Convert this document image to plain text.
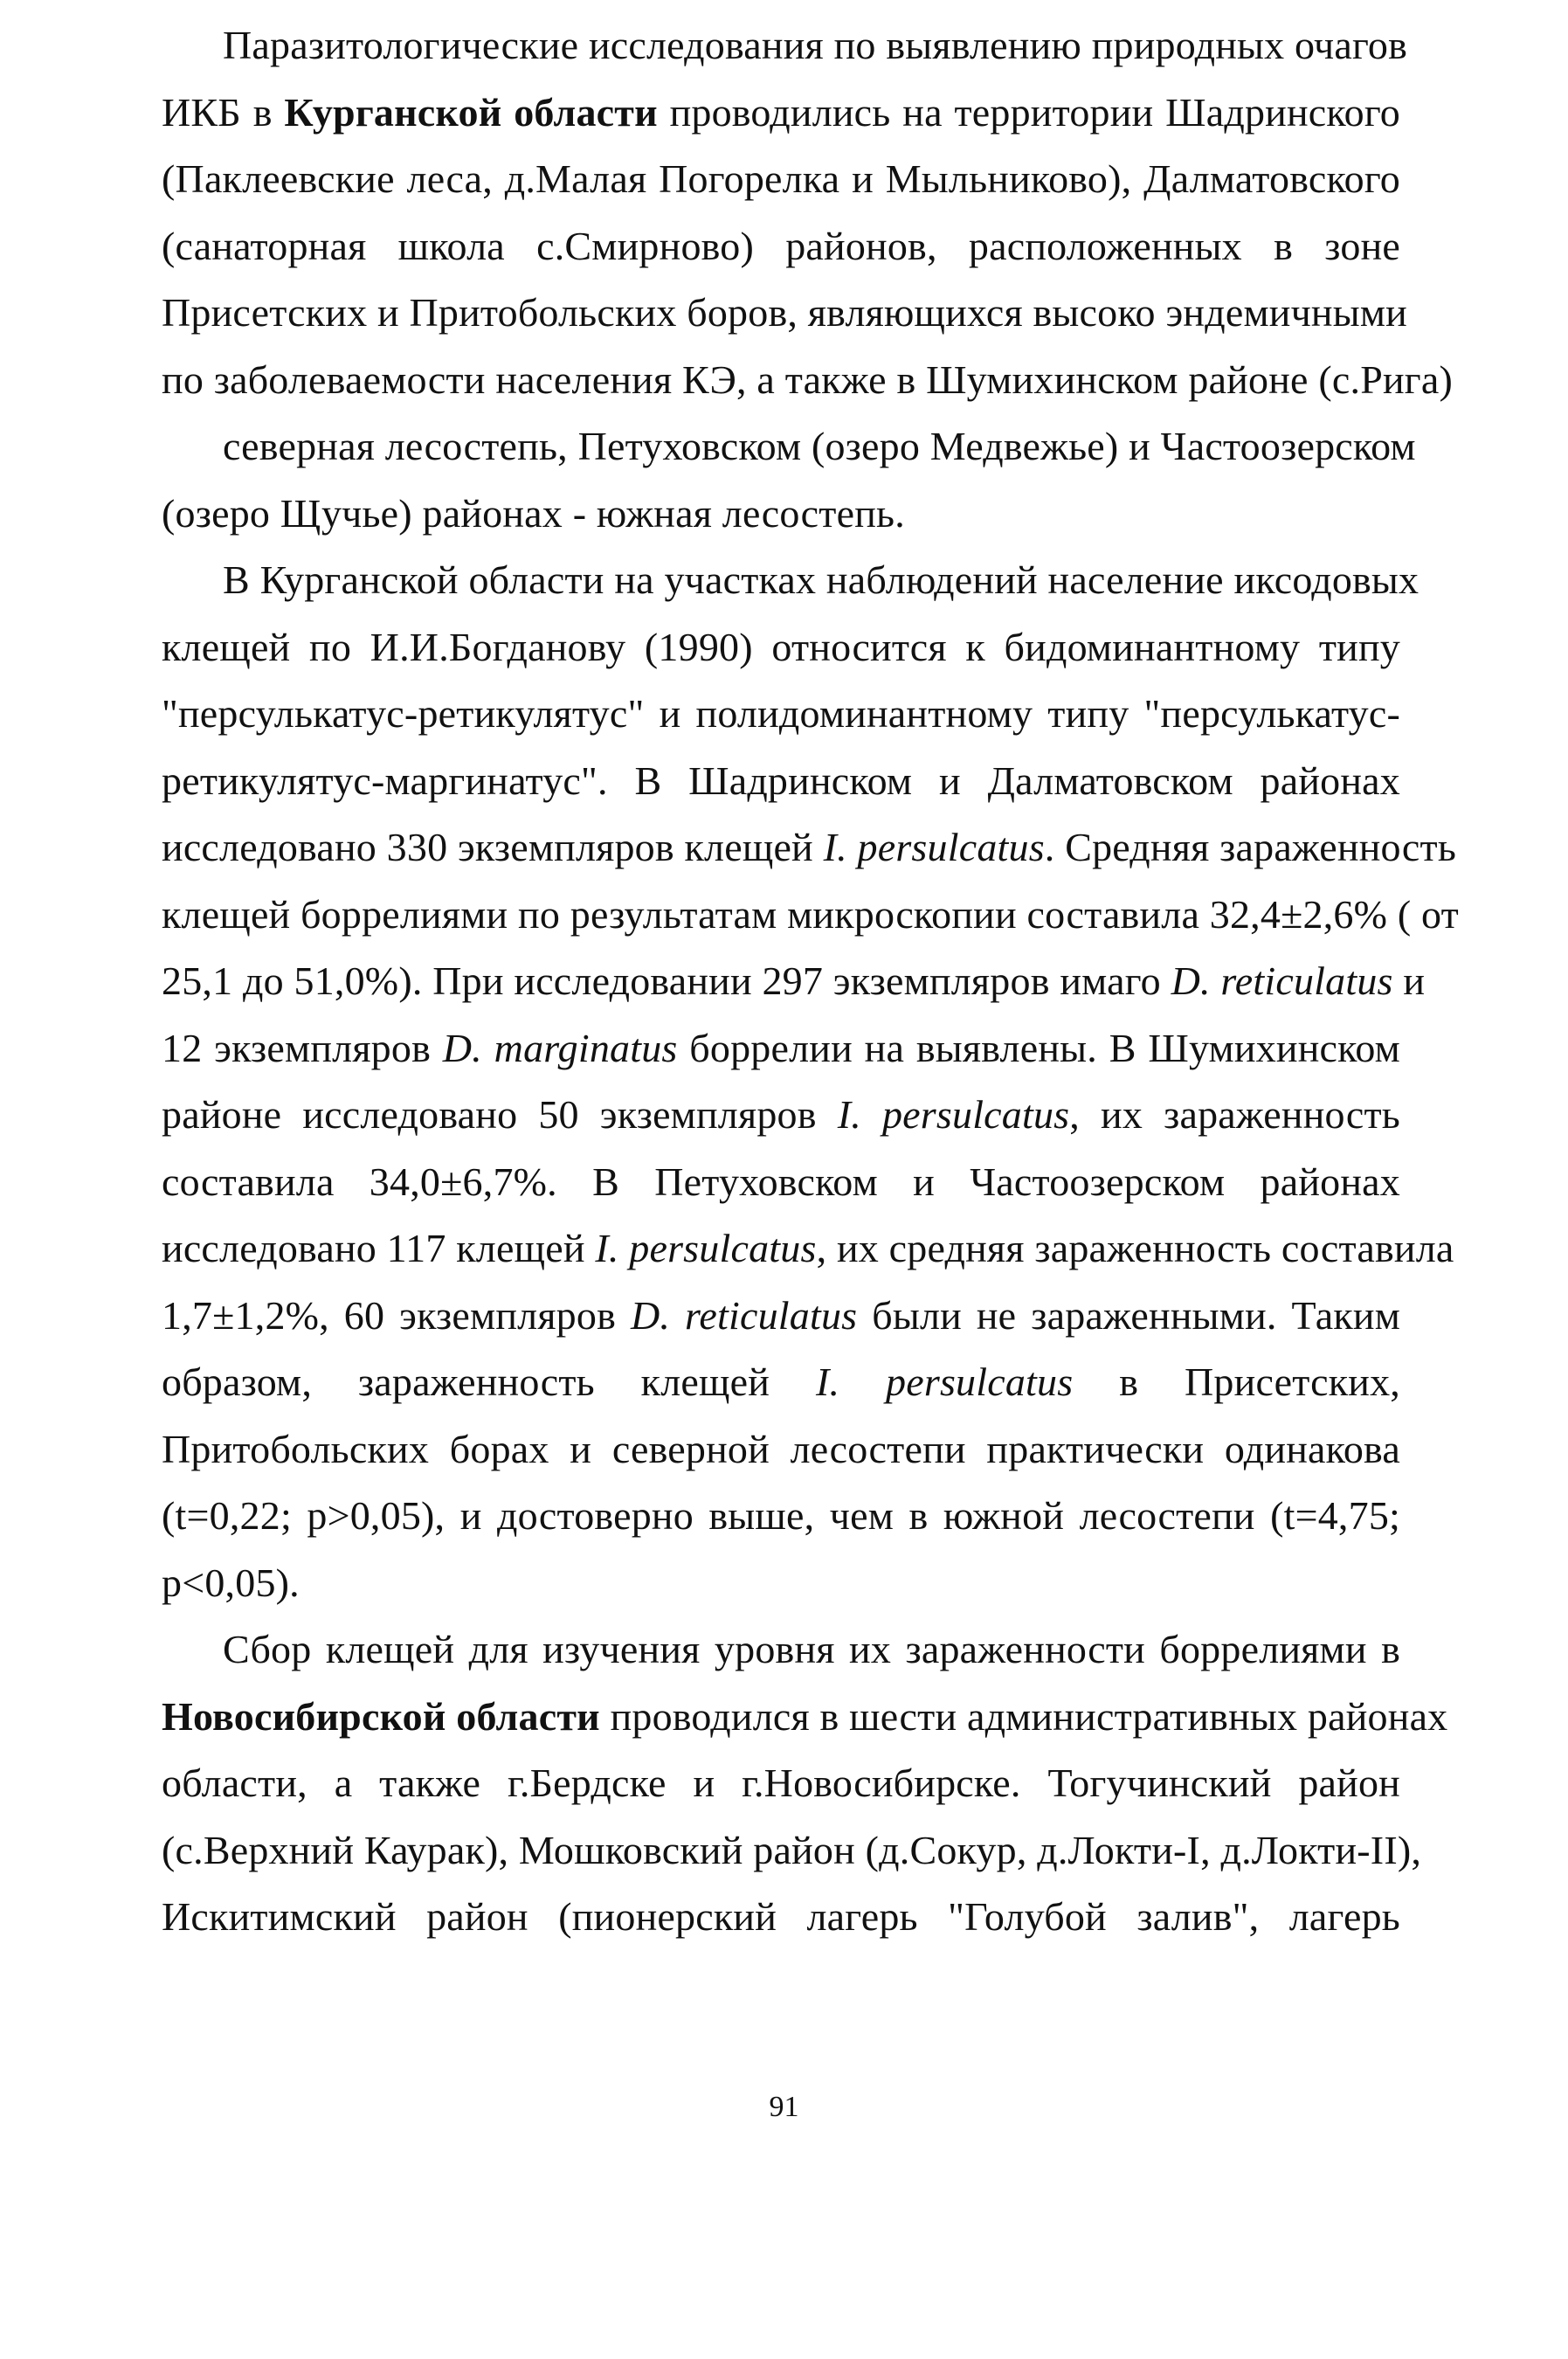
Паразитологические исследования по выявлению природных очагов
ИКБ в Курганской области проводились на территории Шадринского
(Паклеевские леса, д.Малая Погорелка и Мыльниково), Далматовского
(санаторная школа с.Смирново) районов, расположенных в зоне
Присетских и Притобольских боров, являющихся высоко эндемичными
по заболеваемости населения КЭ, а также в Шумихинском районе (с.Рига)
северная лесостепь, Петуховском (озеро Медвежье) и Частоозерском
(озеро Щучье) районах - южная лесостепь.
В Курганской области на участках наблюдений население иксодовых
клещей по И.И.Богданову (1990) относится к бидоминантному типу
"персулькатус-ретикулятус" и полидоминантному типу "персулькатус-
ретикулятус-маргинатус". В Шадринском и Далматовском районах
исследовано 330 экземпляров клещей I. persulcatus. Средняя зараженность
клещей боррелиями по результатам микроскопии составила 32,4±2,6% ( от
25,1 до 51,0%). При исследовании 297 экземпляров имаго D. reticulatus и
12 экземпляров D. marginatus боррелии на выявлены. В Шумихинском
районе исследовано 50 экземпляров I. persulcatus, их зараженность
составила 34,0±6,7%. В Петуховском и Частоозерском районах
исследовано 117 клещей I. persulcatus, их средняя зараженность составила
1,7±1,2%, 60 экземпляров D. reticulatus были не зараженными. Таким
образом, зараженность клещей I. persulcatus в Присетских,
Притобольских борах и северной лесостепи практически одинакова
(t=0,22; p>0,05), и достоверно выше, чем в южной лесостепи (t=4,75;
p<0,05).
Сбор клещей для изучения уровня их зараженности боррелиями в
Новосибирской области проводился в шести административных районах
области, а также г.Бердске и г.Новосибирске. Тогучинский район
(с.Верхний Каурак), Мошковский район (д.Сокур, д.Локти-I, д.Локти-II),
Искитимский район (пионерский лагерь "Голубой залив", лагерь
91
